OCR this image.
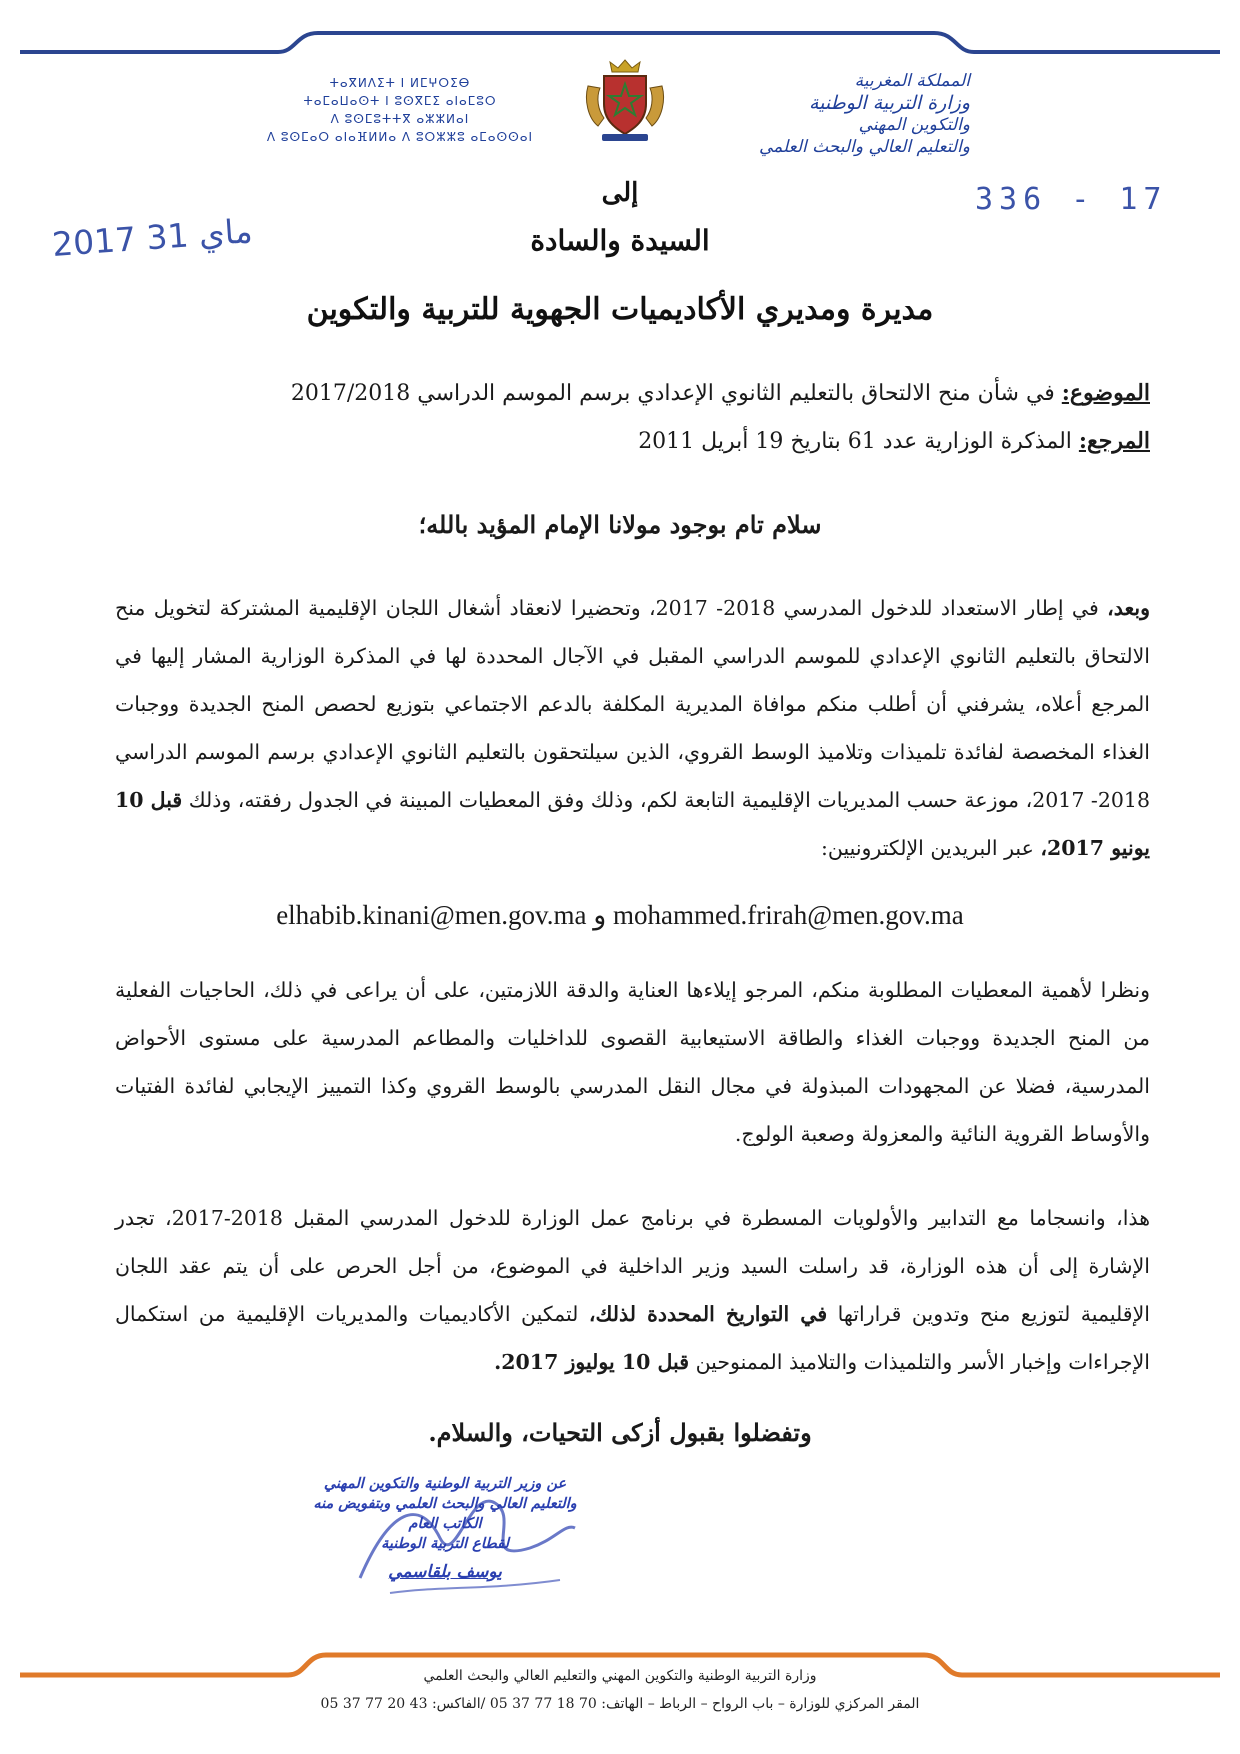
المملكة المغربية
وزارة التربية الوطنية
والتكوين المهني
والتعليم العالي والبحث العلمي
ⵜⴰⴳⵍⴷⵉⵜ ⵏ ⵍⵎⵖⵔⵉⴱ
ⵜⴰⵎⴰⵡⴰⵙⵜ ⵏ ⵓⵙⴳⵎⵉ ⴰⵏⴰⵎⵓⵔ
ⴷ ⵓⵙⵎⵓⵜⵜⴳ ⴰⵣⵣⵍⴰⵏ
ⴷ ⵓⵙⵎⴰⵔ ⴰⵏⴰⴼⵍⵍⴰ ⴷ ⵓⵔⵣⵣⵓ ⴰⵎⴰⵙⵙⴰⵏ
336 - 17
2017 ماي 31
إلى
السيدة والسادة
مديرة ومديري الأكاديميات الجهوية للتربية والتكوين
الموضوع: في شأن منح الالتحاق بالتعليم الثانوي الإعدادي برسم الموسم الدراسي 2017/2018
المرجع: المذكرة الوزارية عدد 61 بتاريخ 19 أبريل 2011
سلام تام بوجود مولانا الإمام المؤيد بالله؛
وبعد، في إطار الاستعداد للدخول المدرسي 2018- 2017، وتحضيرا لانعقاد أشغال اللجان الإقليمية المشتركة لتخويل منح الالتحاق بالتعليم الثانوي الإعدادي للموسم الدراسي المقبل في الآجال المحددة لها في المذكرة الوزارية المشار إليها في المرجع أعلاه، يشرفني أن أطلب منكم موافاة المديرية المكلفة بالدعم الاجتماعي بتوزيع لحصص المنح الجديدة ووجبات الغذاء المخصصة لفائدة تلميذات وتلاميذ الوسط القروي، الذين سيلتحقون بالتعليم الثانوي الإعدادي برسم الموسم الدراسي 2018- 2017، موزعة حسب المديريات الإقليمية التابعة لكم، وذلك وفق المعطيات المبينة في الجدول رفقته، وذلك قبل 10 يونيو 2017، عبر البريدين الإلكترونيين:
mohammed.frirah@men.gov.ma و elhabib.kinani@men.gov.ma
ونظرا لأهمية المعطيات المطلوبة منكم، المرجو إيلاءها العناية والدقة اللازمتين، على أن يراعى في ذلك، الحاجيات الفعلية من المنح الجديدة ووجبات الغذاء والطاقة الاستيعابية القصوى للداخليات والمطاعم المدرسية على مستوى الأحواض المدرسية، فضلا عن المجهودات المبذولة في مجال النقل المدرسي بالوسط القروي وكذا التمييز الإيجابي لفائدة الفتيات والأوساط القروية النائية والمعزولة وصعبة الولوج.
هذا، وانسجاما مع التدابير والأولويات المسطرة في برنامج عمل الوزارة للدخول المدرسي المقبل 2018-2017، تجدر الإشارة إلى أن هذه الوزارة، قد راسلت السيد وزير الداخلية في الموضوع، من أجل الحرص على أن يتم عقد اللجان الإقليمية لتوزيع منح وتدوين قراراتها في التواريخ المحددة لذلك، لتمكين الأكاديميات والمديريات الإقليمية من استكمال الإجراءات وإخبار الأسر والتلميذات والتلاميذ الممنوحين قبل 10 يوليوز 2017.
وتفضلوا بقبول أزكى التحيات، والسلام.
عن وزير التربية الوطنية والتكوين المهني
والتعليم العالي والبحث العلمي وبتفويض منه
الكاتب العام
لقطاع التربية الوطنية
يوسف بلقاسمي
وزارة التربية الوطنية والتكوين المهني والتعليم العالي والبحث العلمي
المقر المركزي للوزارة – باب الرواح – الرباط – الهاتف: 70 18 77 37 05 /الفاكس: 43 20 77 37 05
